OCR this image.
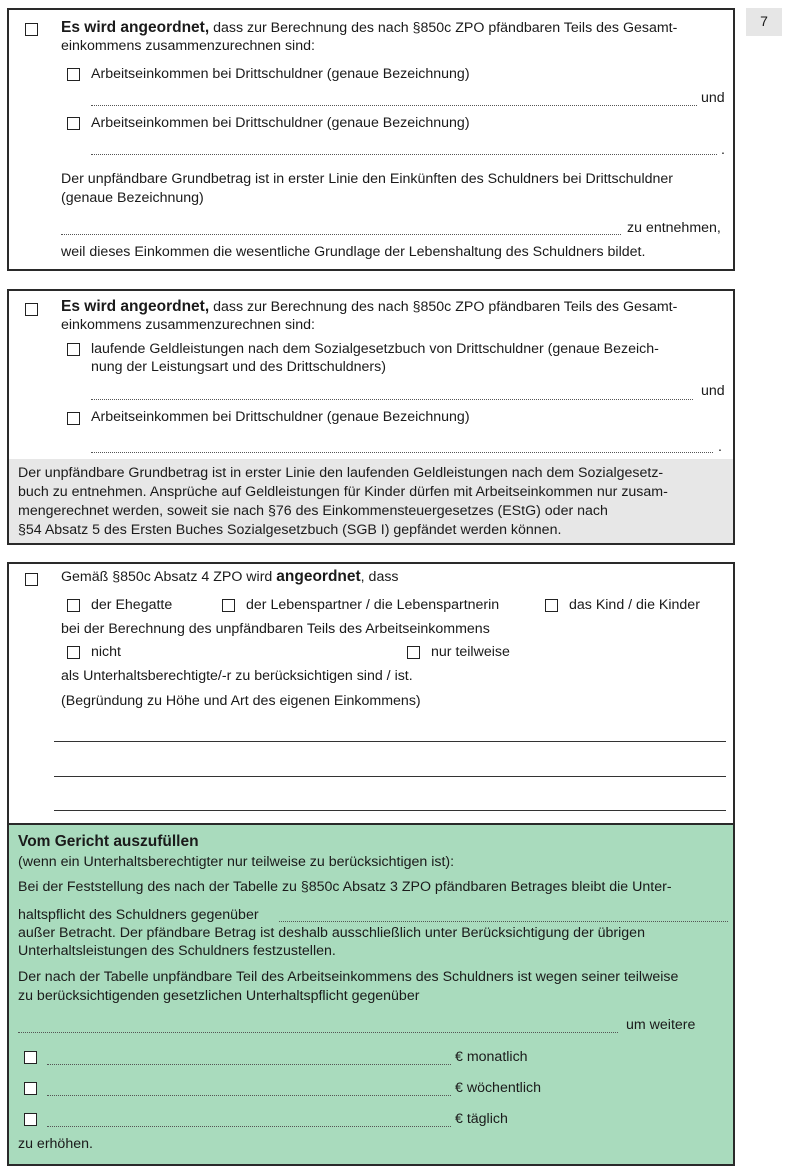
7
Es wird angeordnet, dass zur Berechnung des nach §850c ZPO pfändbaren Teils des Gesamt-
einkommens zusammenzurechnen sind:
Arbeitseinkommen bei Drittschuldner (genaue Bezeichnung)
und
Arbeitseinkommen bei Drittschuldner (genaue Bezeichnung)
.
Der unpfändbare Grundbetrag ist in erster Linie den Einkünften des Schuldners bei Drittschuldner
(genaue Bezeichnung)
zu entnehmen,
weil dieses Einkommen die wesentliche Grundlage der Lebenshaltung des Schuldners bildet.
Es wird angeordnet, dass zur Berechnung des nach §850c ZPO pfändbaren Teils des Gesamt-
einkommens zusammenzurechnen sind:
laufende Geldleistungen nach dem Sozialgesetzbuch von Drittschuldner (genaue Bezeich-
nung der Leistungsart und des Drittschuldners)
und
Arbeitseinkommen bei Drittschuldner (genaue Bezeichnung)
.
Der unpfändbare Grundbetrag ist in erster Linie den laufenden Geldleistungen nach dem Sozialgesetz-
buch zu entnehmen. Ansprüche auf Geldleistungen für Kinder dürfen mit Arbeitseinkommen nur zusam-
mengerechnet werden, soweit sie nach §76 des Einkommensteuergesetzes (EStG) oder nach
§54 Absatz 5 des Ersten Buches Sozialgesetzbuch (SGB I) gepfändet werden können.
Gemäß §850c Absatz 4 ZPO wird angeordnet, dass
der Ehegatte	der Lebenspartner / die Lebenspartnerin	das Kind / die Kinder
bei der Berechnung des unpfändbaren Teils des Arbeitseinkommens
nicht	nur teilweise
als Unterhaltsberechtigte/-r zu berücksichtigen sind / ist.
(Begründung zu Höhe und Art des eigenen Einkommens)
Vom Gericht auszufüllen
(wenn ein Unterhaltsberechtigter nur teilweise zu berücksichtigen ist):
Bei der Feststellung des nach der Tabelle zu §850c Absatz 3 ZPO pfändbaren Betrages bleibt die Unter-
haltspflicht des Schuldners gegenüber
außer Betracht. Der pfändbare Betrag ist deshalb ausschließlich unter Berücksichtigung der übrigen
Unterhaltsleistungen des Schuldners festzustellen.
Der nach der Tabelle unpfändbare Teil des Arbeitseinkommens des Schuldners ist wegen seiner teilweise
zu berücksichtigenden gesetzlichen Unterhaltspflicht gegenüber
um weitere
€ monatlich
€ wöchentlich
€ täglich
zu erhöhen.
